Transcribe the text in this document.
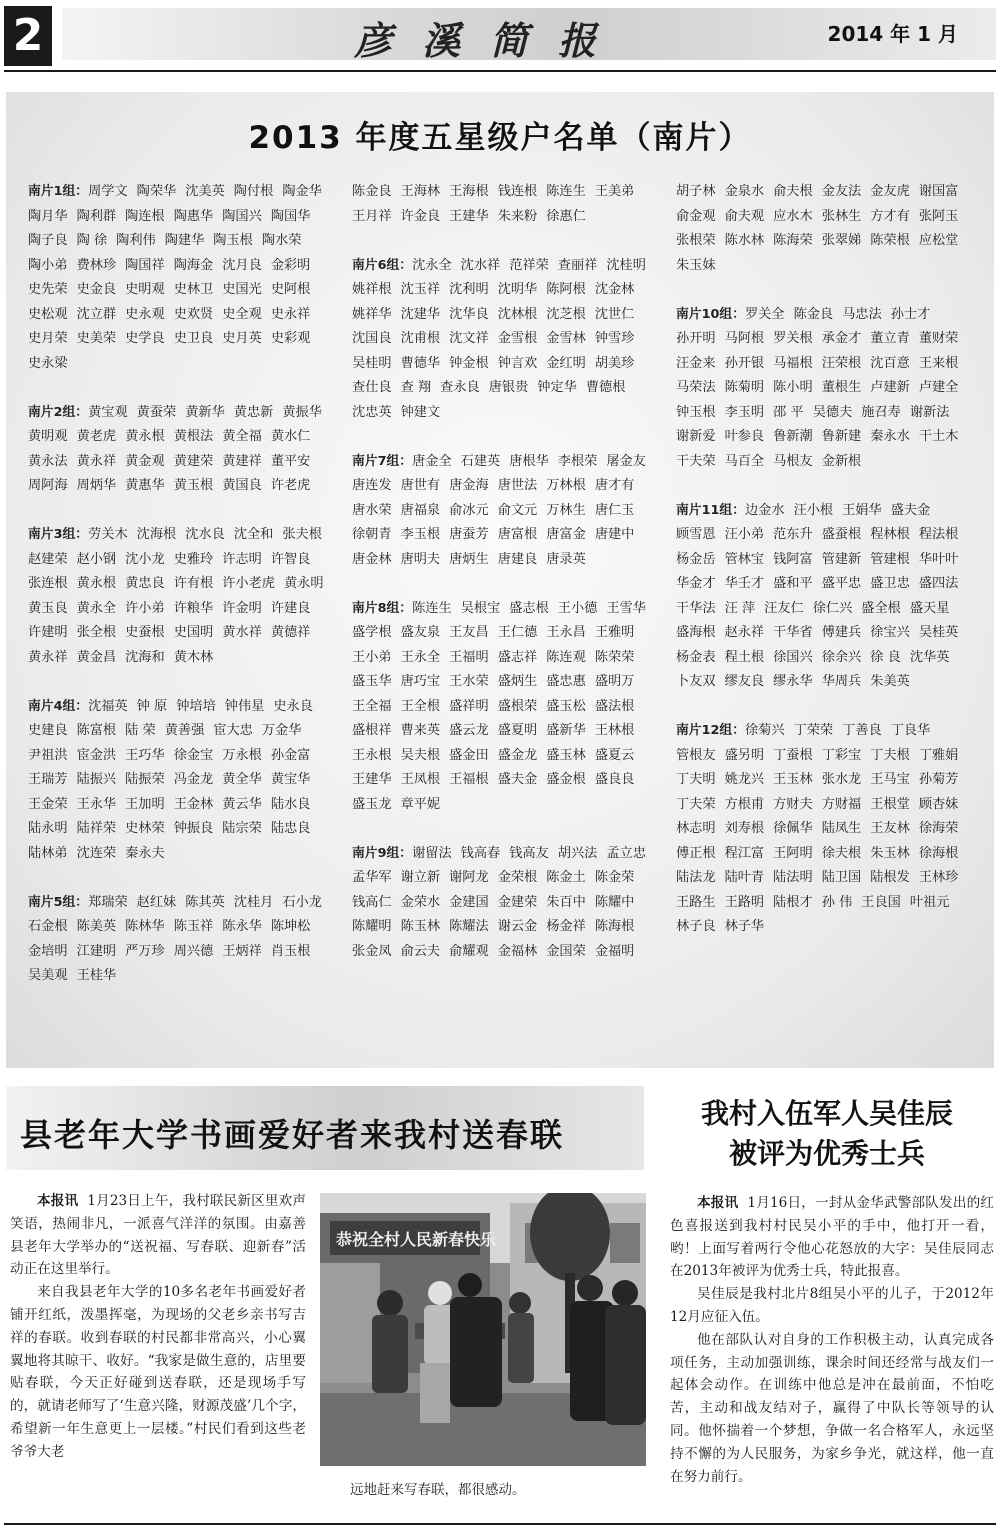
2	彦溪简报	2014 年 1 月
2013 年度五星级户名单（南片）
南片1组：周学文 陶荣华 沈美英 陶付根 陶金华陶月华 陶利群 陶连根 陶惠华 陶国兴 陶国华陶子良 陶 徐 陶利伟 陶建华 陶玉根 陶水荣陶小弟 费林珍 陶国祥 陶海金 沈月良 金彩明史先荣 史金良 史明观 史林卫 史国光 史阿根史松观 沈立群 史永观 史欢贤 史全观 史永祥史月荣 史美荣 史学良 史卫良 史月英 史彩观史永梁
南片2组：黄宝观 黄蚕荣 黄新华 黄忠新 黄振华黄明观 黄老虎 黄永根 黄根法 黄全福 黄水仁黄永法 黄永祥 黄金观 黄建荣 黄建祥 董平安周阿海 周炳华 黄惠华 黄玉根 黄国良 许老虎
南片3组：劳关木 沈海根 沈水良 沈全和 张夫根赵建荣 赵小钢 沈小龙 史雅玲 许志明 许智良张连根 黄永根 黄忠良 许有根 许小老虎 黄永明黄玉良 黄永全 许小弟 许粮华 许金明 许建良许建明 张全根 史蚕根 史国明 黄水祥 黄德祥黄永祥 黄金昌 沈海和 黄木林
南片4组：沈福英 钟 原 钟培培 钟伟星 史永良史建良 陈富根 陆 荣 黄善强 宦大忠 万金华尹祖洪 宦金洪 王巧华 徐金宝 万永根 孙金富王瑞芳 陆振兴 陆振荣 冯金龙 黄全华 黄宝华王金荣 王永华 王加明 王金林 黄云华 陆水良陆永明 陆祥荣 史林荣 钟振良 陆宗荣 陆忠良陆林弟 沈连荣 秦永夫
南片5组：郑瑞荣 赵红妹 陈其英 沈桂月 石小龙石金根 陈美英 陈林华 陈玉祥 陈永华 陈坤松金培明 江建明 严万珍 周兴德 王炳祥 肖玉根吴美观 王桂华
陈金良 王海林 王海根 钱连根 陈连生 王美弟王月祥 许金良 王建华 朱来粉 徐惠仁
南片6组：沈永全 沈水祥 范祥荣 查丽祥 沈桂明姚祥根 沈玉祥 沈利明 沈明华 陈阿根 沈金林姚祥华 沈建华 沈华良 沈林根 沈芝根 沈世仁沈国良 沈甫根 沈文祥 金雪根 金雪林 钟雪珍吴桂明 曹德华 钟金根 钟言欢 金红明 胡美珍查仕良 查 翔 查永良 唐银贵 钟定华 曹德根沈忠英 钟建文
南片7组：唐金全 石建英 唐根华 李根荣 屠金友唐连发 唐世有 唐金海 唐世法 万林根 唐才有唐水荣 唐福泉 俞冰元 俞文元 万林生 唐仁玉徐朝青 李玉根 唐蚕芳 唐富根 唐富金 唐建中唐金林 唐明夫 唐炳生 唐建良 唐录英
南片8组：陈连生 吴根宝 盛志根 王小德 王雪华盛学根 盛友泉 王友昌 王仁德 王永昌 王雅明王小弟 王永全 王福明 盛志祥 陈连观 陈荣荣盛玉华 唐巧宝 王水荣 盛炳生 盛忠惠 盛明万王全福 王全根 盛祥明 盛根荣 盛玉松 盛法根盛根祥 曹来英 盛云龙 盛夏明 盛新华 王林根王永根 吴夫根 盛金田 盛金龙 盛玉林 盛夏云王建华 王凤根 王福根 盛夫金 盛金根 盛良良盛玉龙 章平妮
南片9组：谢留法 钱高春 钱高友 胡兴法 孟立忠孟华军 谢立新 谢阿龙 金荣根 陈金土 陈金荣钱高仁 金荣水 金建国 金建荣 朱百中 陈耀中陈耀明 陈玉林 陈耀法 谢云金 杨金祥 陈海根张金凤 俞云夫 俞耀观 金福林 金国荣 金福明
胡子林 金泉水 俞夫根 金友法 金友虎 谢国富俞金观 俞夫观 应水木 张林生 方才有 张阿玉张根荣 陈水林 陈海荣 张翠娣 陈荣根 应松堂朱玉妹
南片10组：罗关全 陈金良 马忠法 孙士才孙开明 马阿根 罗关根 承金才 董立青 董财荣汪金来 孙开银 马福根 汪荣根 沈百意 王来根马荣法 陈菊明 陈小明 董根生 卢建新 卢建全钟玉根 李玉明 邵 平 吴德夫 施召寿 谢新法谢新爱 叶参良 鲁新潮 鲁新建 秦永水 干土木干夫荣 马百全 马根友 金新根
南片11组：边金水 汪小根 王娟华 盛夫金顾雪恩 汪小弟 范东升 盛蚕根 程林根 程法根杨金岳 管林宝 钱阿富 管建新 管建根 华叶叶华金才 华壬才 盛和平 盛平忠 盛卫忠 盛四法干华法 汪 萍 汪友仁 徐仁兴 盛全根 盛天星盛海根 赵永祥 干华省 傅建兵 徐宝兴 吴桂英杨金表 程土根 徐国兴 徐余兴 徐 良 沈华英卜友双 缪友良 缪永华 华周兵 朱美英
南片12组：徐菊兴 丁荣荣 丁善良 丁良华管根友 盛另明 丁蚕根 丁彩宝 丁夫根 丁雅娟丁夫明 姚龙兴 王玉林 张水龙 王马宝 孙菊芳丁夫荣 方根甫 方财夫 方财福 王根堂 顾杏妹林志明 刘寿根 徐佩华 陆凤生 王友林 徐海荣傅正根 程江富 王阿明 徐夫根 朱玉林 徐海根陆法龙 陆叶青 陆法明 陆卫国 陆根发 王林珍王路生 王路明 陆根才 孙 伟 王良国 叶祖元林子良 林子华
县老年大学书画爱好者来我村送春联

本报讯 1月23日上午，我村联民新区里欢声笑语，热闹非凡，一派喜气洋洋的氛围。由嘉善县老年大学举办的“送祝福、写春联、迎新春”活动正在这里举行。

来自我县老年大学的10多名老年书画爱好者铺开红纸，泼墨挥毫，为现场的父老乡亲书写吉祥的春联。收到春联的村民都非常高兴，小心翼翼地将其晾干、收好。“我家是做生意的，店里要贴春联，今天正好碰到送春联，还是现场手写的，就请老师写了‘生意兴隆，财源茂盛’几个字，希望新一年生意更上一层楼。”村民们看到这些老爷爷大老

恭祝全村人民新春快乐
远地赶来写春联，都很感动。
我村入伍军人吴佳辰
被评为优秀士兵

本报讯 1月16日，一封从金华武警部队发出的红色喜报送到我村村民吴小平的手中，他打开一看，哟！上面写着两行令他心花怒放的大字：吴佳辰同志在2013年被评为优秀士兵，特此报喜。

吴佳辰是我村北片8组吴小平的儿子，于2012年12月应征入伍。

他在部队认对自身的工作积极主动，认真完成各项任务，主动加强训练，课余时间还经常与战友们一起体会动作。在训练中他总是冲在最前面，不怕吃苦，主动和战友结对子，赢得了中队长等领导的认同。他怀揣着一个梦想，争做一名合格军人，永远坚持不懈的为人民服务，为家乡争光，就这样，他一直在努力前行。
